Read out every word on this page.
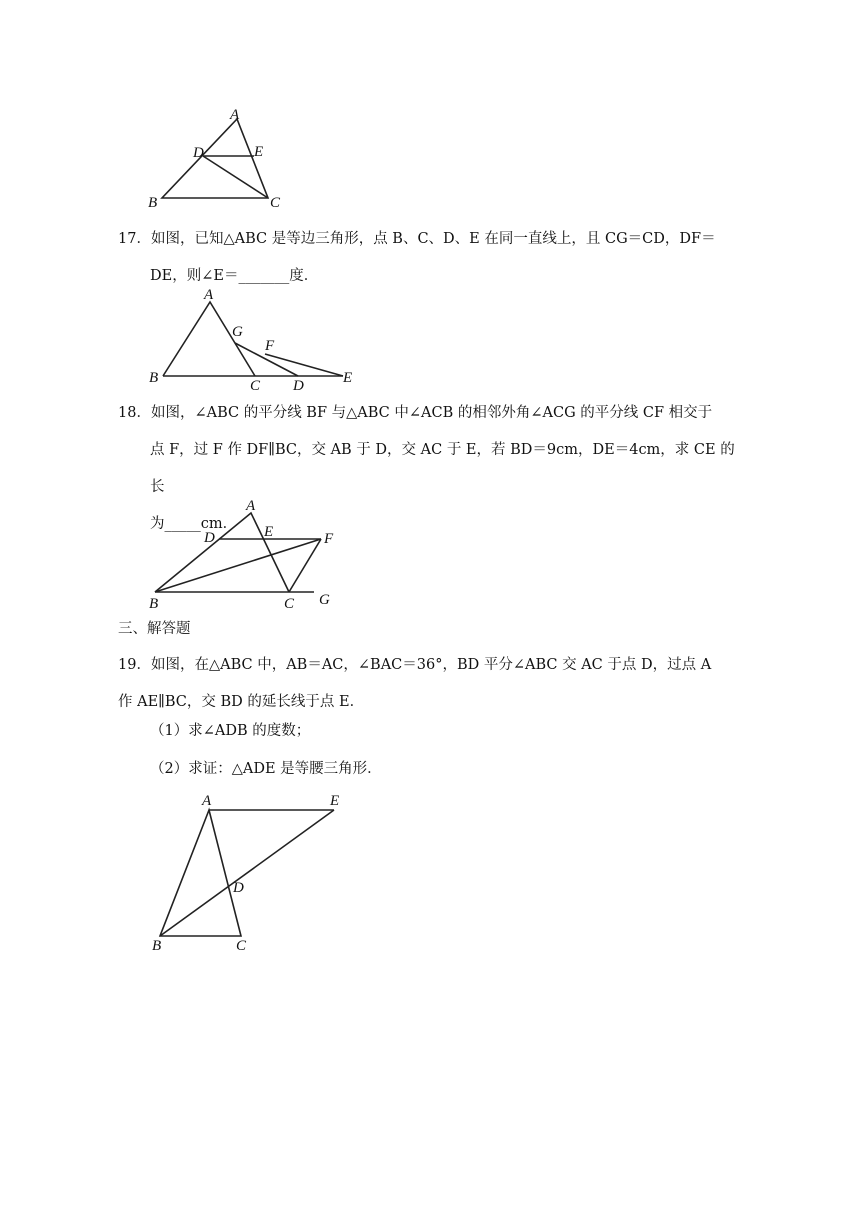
A
D	E
B	C
17．如图，已知△ABC 是等边三角形，点 B、C、D、E 在同一直线上，且 CG＝CD，DF＝
DE，则∠E＝_______度．
A
G
F
B	C D	E
18．如图，∠ABC 的平分线 BF 与△ABC 中∠ACB 的相邻外角∠ACG 的平分线 CF 相交于
点 F，过 F 作 DF∥BC，交 AB 于 D，交 AC 于 E，若 BD＝9cm，DE＝4cm，求 CE 的长
为_____cm．
A
D	E	F
B	C G
三、解答题
19．如图，在△ABC 中，AB＝AC，∠BAC＝36°，BD 平分∠ABC 交 AC 于点 D，过点 A
作 AE∥BC，交 BD 的延长线于点 E．
（1）求∠ADB 的度数；
（2）求证：△ADE 是等腰三角形．
A	E
D
B	C
